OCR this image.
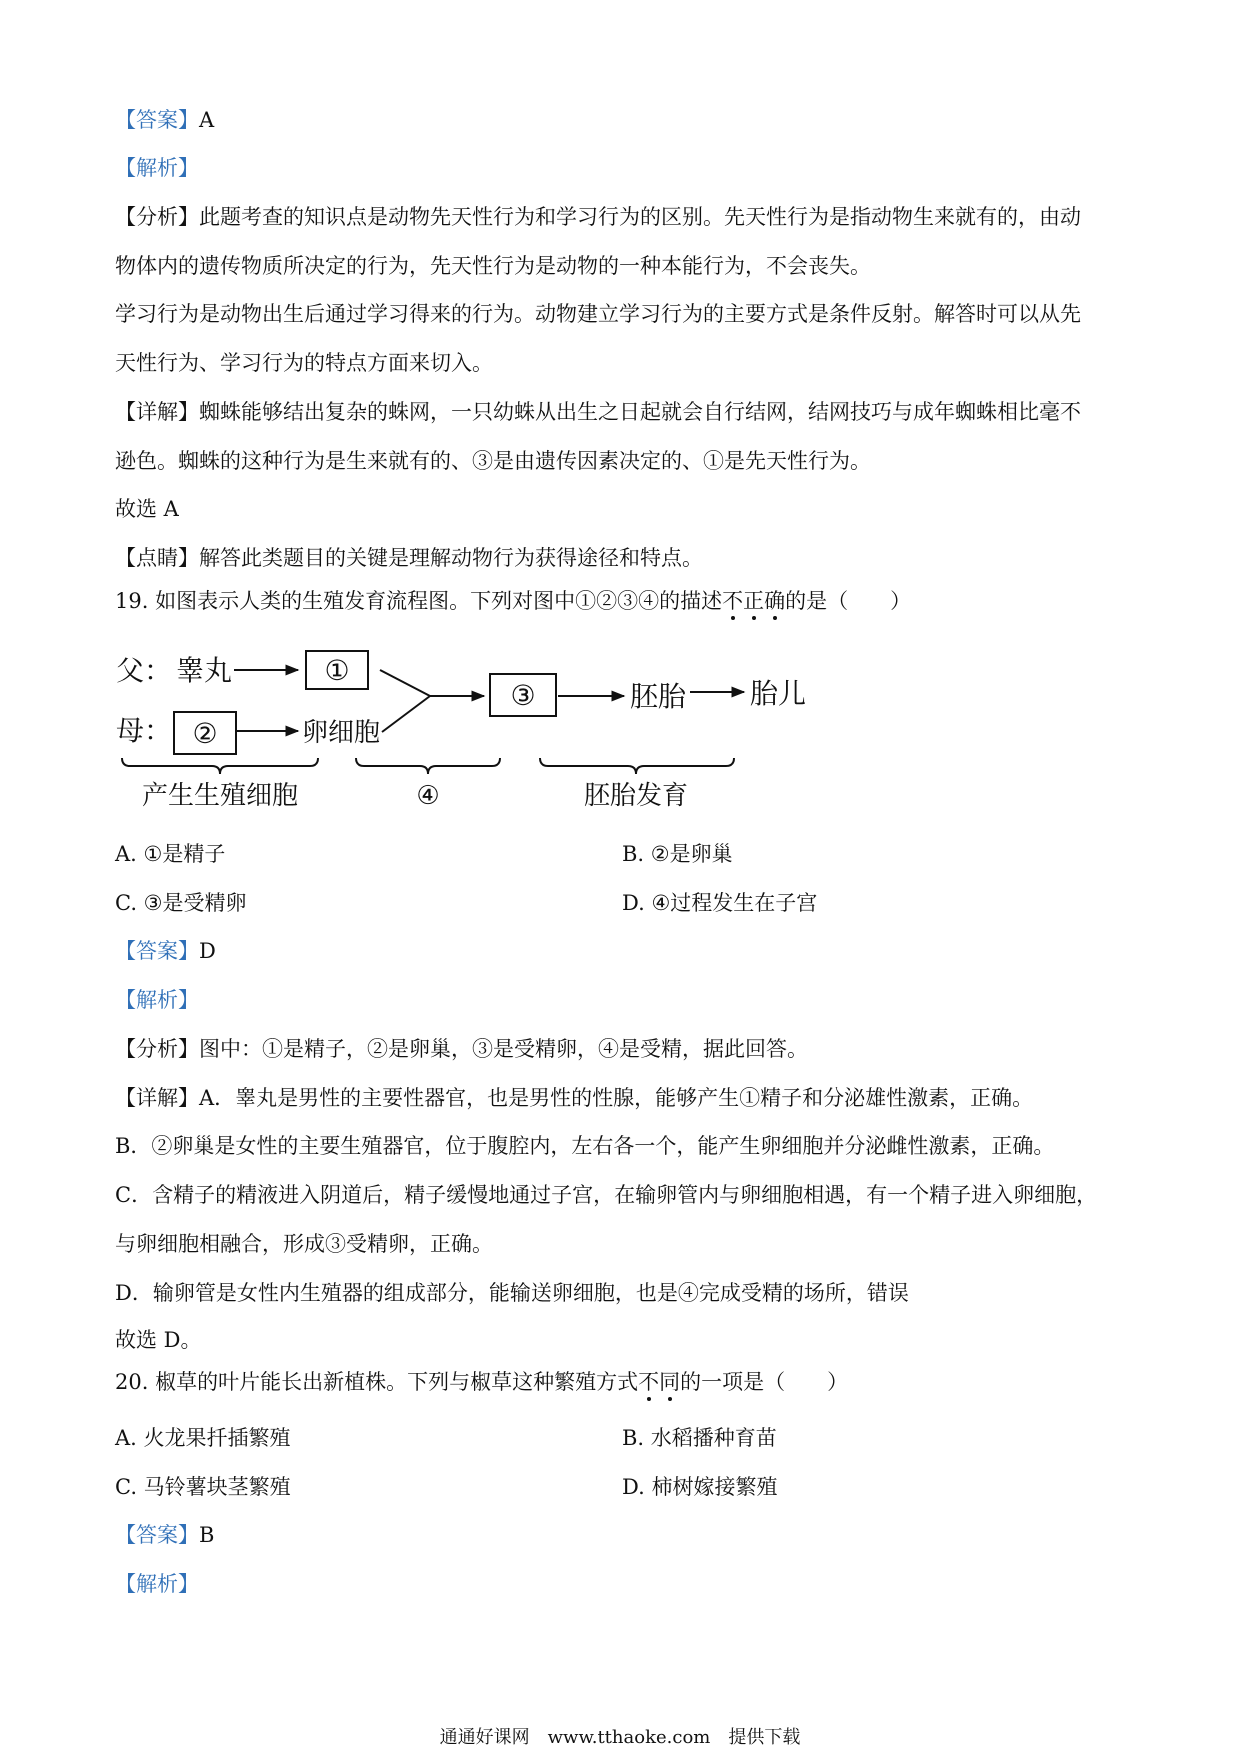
【答案】A
【解析】
【分析】此题考查的知识点是动物先天性行为和学习行为的区别。先天性行为是指动物生来就有的，由动
物体内的遗传物质所决定的行为，先天性行为是动物的一种本能行为，不会丧失。
学习行为是动物出生后通过学习得来的行为。动物建立学习行为的主要方式是条件反射。解答时可以从先
天性行为、学习行为的特点方面来切入。
【详解】蜘蛛能够结出复杂的蛛网，一只幼蛛从出生之日起就会自行结网，结网技巧与成年蜘蛛相比毫不
逊色。蜘蛛的这种行为是生来就有的、③是由遗传因素决定的、①是先天性行为。
故选 A
【点睛】解答此类题目的关键是理解动物行为获得途径和特点。
19. 如图表示人类的生殖发育流程图。下列对图中①②③④的描述不正确的是（　　）
父： 睾丸	①
母： ②	卵细胞
③	胚胎 胎儿
产生生殖细胞	④	胚胎发育
A. ①是精子	B. ②是卵巢
C. ③是受精卵	D. ④过程发生在子宫
【答案】D
【解析】
【分析】图中：①是精子，②是卵巢，③是受精卵，④是受精，据此回答。
【详解】A．睾丸是男性的主要性器官，也是男性的性腺，能够产生①精子和分泌雄性激素，正确。
B．②卵巢是女性的主要生殖器官，位于腹腔内，左右各一个，能产生卵细胞并分泌雌性激素，正确。
C．含精子的精液进入阴道后，精子缓慢地通过子宫，在输卵管内与卵细胞相遇，有一个精子进入卵细胞，
与卵细胞相融合，形成③受精卵，正确。
D．输卵管是女性内生殖器的组成部分，能输送卵细胞，也是④完成受精的场所，错误
故选 D。
20. 椒草的叶片能长出新植株。下列与椒草这种繁殖方式不同的一项是（　　）
A. 火龙果扦插繁殖	B. 水稻播种育苗
C. 马铃薯块茎繁殖	D. 柿树嫁接繁殖
【答案】B
【解析】
通通好课网　www.tthaoke.com　提供下载
